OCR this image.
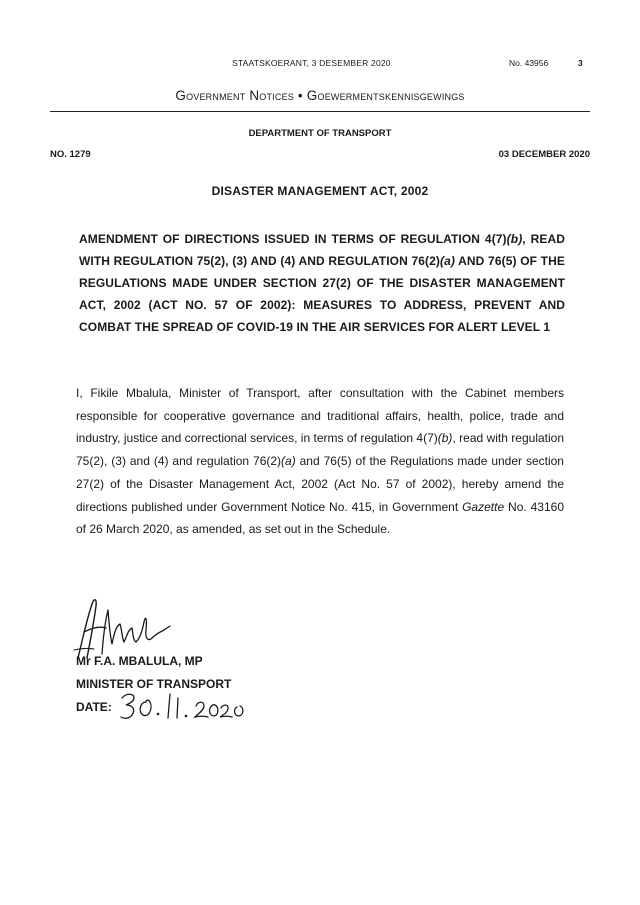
STAATSKOERANT, 3 DESEMBER 2020	No. 43956	3
Government Notices • Goewermentskennisgewings
DEPARTMENT OF TRANSPORT
NO. 1279	03 DECEMBER 2020
DISASTER MANAGEMENT ACT, 2002

AMENDMENT OF DIRECTIONS ISSUED IN TERMS OF REGULATION 4(7)(b), READ WITH REGULATION 75(2), (3) AND (4) AND REGULATION 76(2)(a) AND 76(5) OF THE REGULATIONS MADE UNDER SECTION 27(2) OF THE DISASTER MANAGEMENT ACT, 2002 (ACT NO. 57 OF 2002): MEASURES TO ADDRESS, PREVENT AND COMBAT THE SPREAD OF COVID-19 IN THE AIR SERVICES FOR ALERT LEVEL 1

I, Fikile Mbalula, Minister of Transport, after consultation with the Cabinet members responsible for cooperative governance and traditional affairs, health, police, trade and industry, justice and correctional services, in terms of regulation 4(7)(b), read with regulation 75(2), (3) and (4) and regulation 76(2)(a) and 76(5) of the Regulations made under section 27(2) of the Disaster Management Act, 2002 (Act No. 57 of 2002), hereby amend the directions published under Government Notice No. 415, in Government Gazette No. 43160 of 26 March 2020, as amended, as set out in the Schedule.

Mr F.A. MBALULA, MP
MINISTER OF TRANSPORT
DATE:
